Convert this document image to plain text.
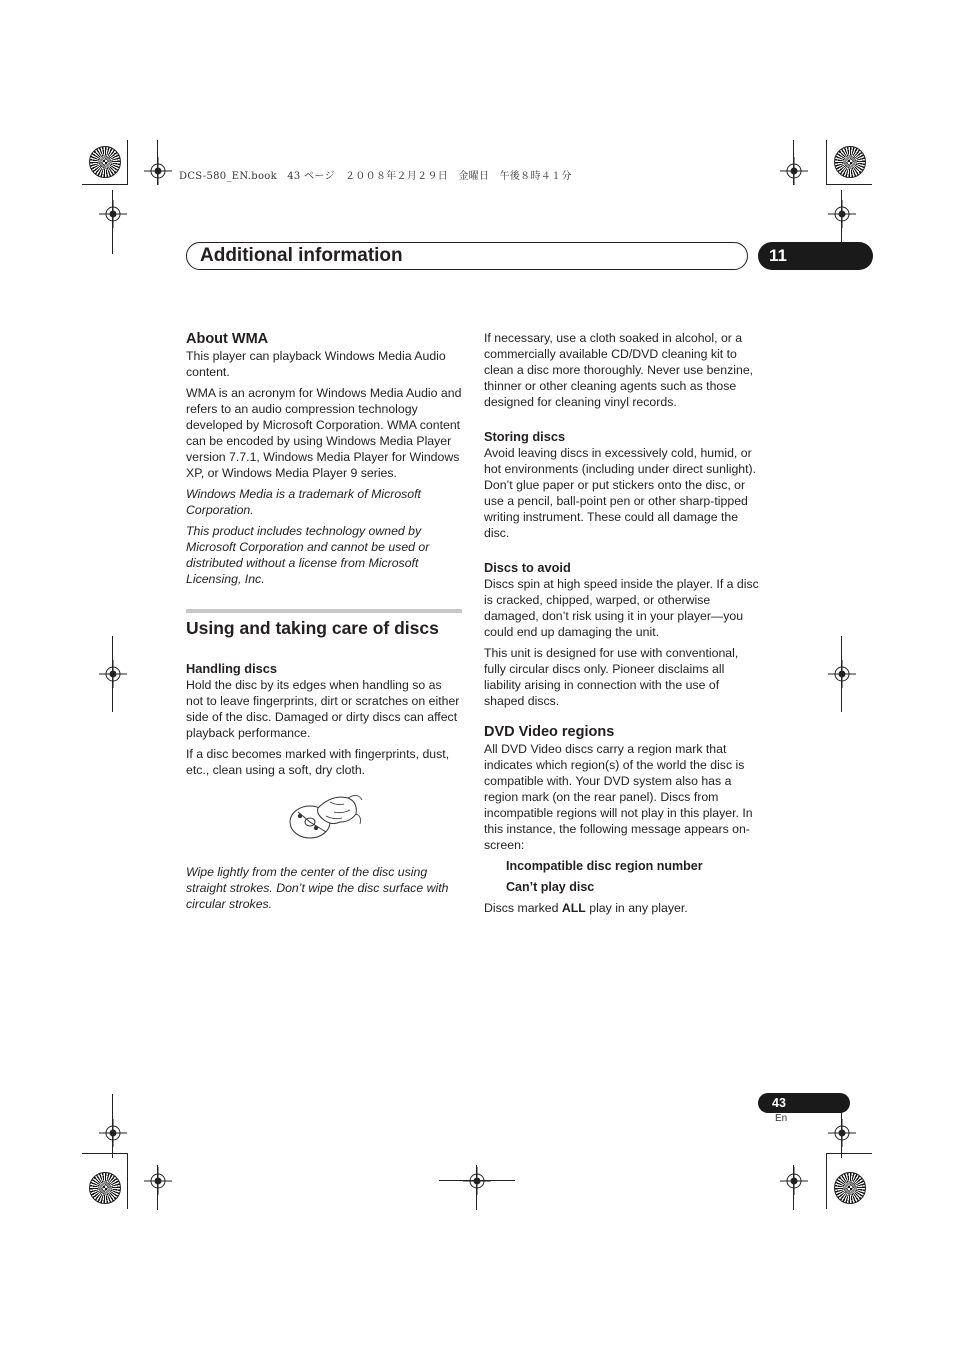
DCS-580_EN.book　43 ページ　２００８年２月２９日　金曜日　午後８時４１分
Additional information	11
About WMA

This player can playback Windows Media Audio content.

WMA is an acronym for Windows Media Audio and refers to an audio compression technology developed by Microsoft Corporation. WMA content can be encoded by using Windows Media Player version 7.7.1, Windows Media Player for Windows XP, or Windows Media Player 9 series.

Windows Media is a trademark of Microsoft Corporation.

This product includes technology owned by Microsoft Corporation and cannot be used or distributed without a license from Microsoft Licensing, Inc.

Using and taking care of discs
Handling discs

Hold the disc by its edges when handling so as not to leave fingerprints, dirt or scratches on either side of the disc. Damaged or dirty discs can affect playback performance.

If a disc becomes marked with fingerprints, dust, etc., clean using a soft, dry cloth.

Wipe lightly from the center of the disc using straight strokes. Don’t wipe the disc surface with circular strokes.

If necessary, use a cloth soaked in alcohol, or a commercially available CD/DVD cleaning kit to clean a disc more thoroughly. Never use benzine, thinner or other cleaning agents such as those designed for cleaning vinyl records.

Storing discs

Avoid leaving discs in excessively cold, humid, or hot environments (including under direct sunlight). Don’t glue paper or put stickers onto the disc, or use a pencil, ball-point pen or other sharp-tipped writing instrument. These could all damage the disc.

Discs to avoid

Discs spin at high speed inside the player. If a disc is cracked, chipped, warped, or otherwise damaged, don’t risk using it in your player—you could end up damaging the unit.

This unit is designed for use with conventional, fully circular discs only. Pioneer disclaims all liability arising in connection with the use of shaped discs.

DVD Video regions

All DVD Video discs carry a region mark that indicates which region(s) of the world the disc is compatible with. Your DVD system also has a region mark (on the rear panel). Discs from incompatible regions will not play in this player. In this instance, the following message appears on-screen:

Incompatible disc region number

Can’t play disc

Discs marked ALL play in any player.

43
En
